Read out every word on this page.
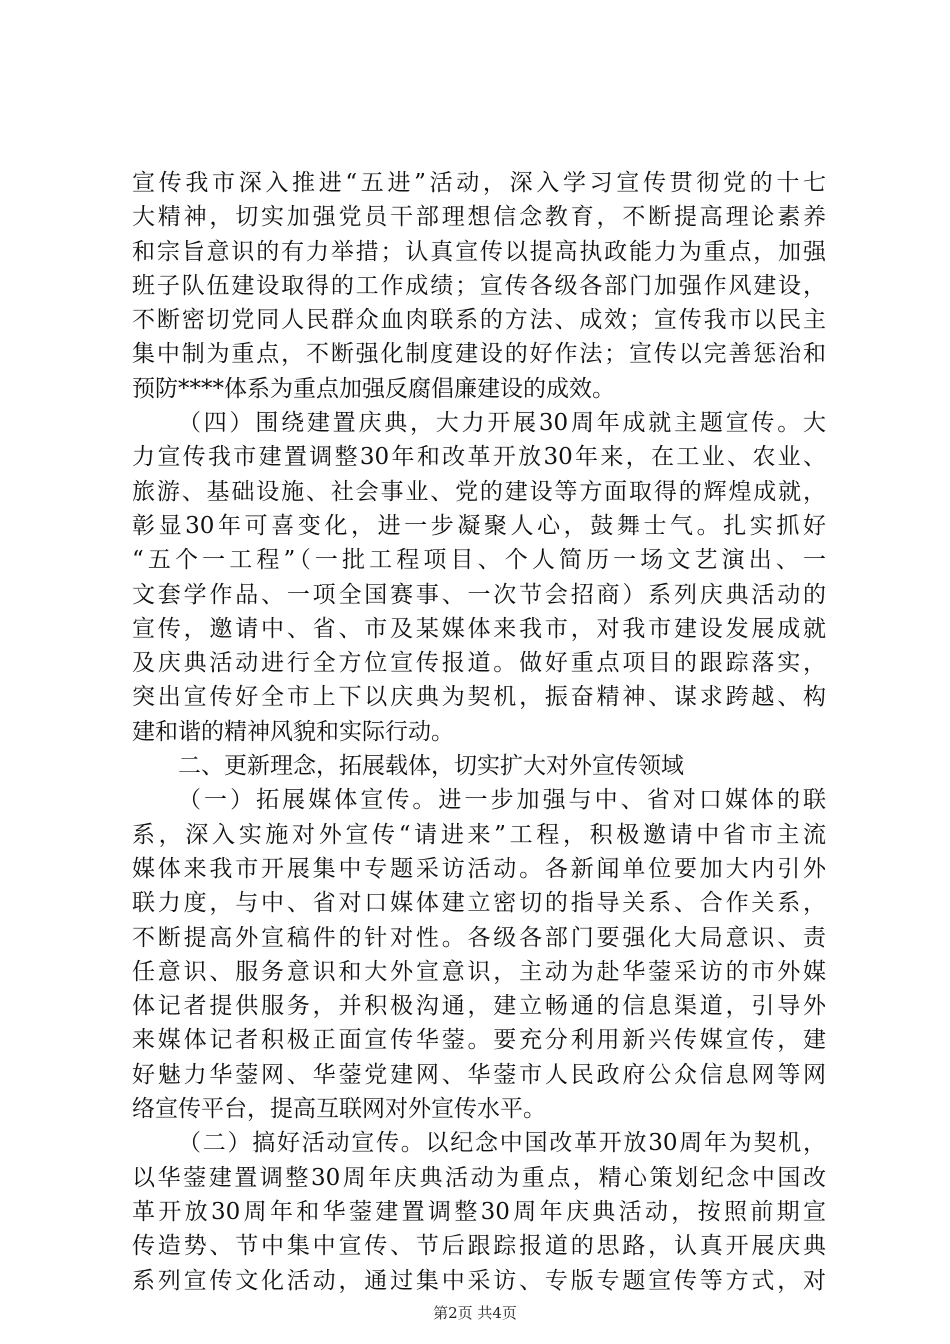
宣传我市深入推进“五进”活动，深入学习宣传贯彻党的十七
大精神，切实加强党员干部理想信念教育，不断提高理论素养
和宗旨意识的有力举措；认真宣传以提高执政能力为重点，加强
班子队伍建设取得的工作成绩；宣传各级各部门加强作风建设，
不断密切党同人民群众血肉联系的方法、成效；宣传我市以民主
集中制为重点，不断强化制度建设的好作法；宣传以完善惩治和
预防****体系为重点加强反腐倡廉建设的成效。
（四）围绕建置庆典，大力开展30周年成就主题宣传。大
力宣传我市建置调整30年和改革开放30年来，在工业、农业、
旅游、基础设施、社会事业、党的建设等方面取得的辉煌成就，
彰显30年可喜变化，进一步凝聚人心，鼓舞士气。扎实抓好
“五个一工程”（一批工程项目、个人简历一场文艺演出、一
文套学作品、一项全国赛事、一次节会招商）系列庆典活动的
宣传，邀请中、省、市及某媒体来我市，对我市建设发展成就
及庆典活动进行全方位宣传报道。做好重点项目的跟踪落实，
突出宣传好全市上下以庆典为契机，振奋精神、谋求跨越、构
建和谐的精神风貌和实际行动。
二、更新理念，拓展载体，切实扩大对外宣传领域
（一）拓展媒体宣传。进一步加强与中、省对口媒体的联
系，深入实施对外宣传“请进来”工程，积极邀请中省市主流
媒体来我市开展集中专题采访活动。各新闻单位要加大内引外
联力度，与中、省对口媒体建立密切的指导关系、合作关系，
不断提高外宣稿件的针对性。各级各部门要强化大局意识、责
任意识、服务意识和大外宣意识，主动为赴华蓥采访的市外媒
体记者提供服务，并积极沟通，建立畅通的信息渠道，引导外
来媒体记者积极正面宣传华蓥。要充分利用新兴传媒宣传，建
好魅力华蓥网、华蓥党建网、华蓥市人民政府公众信息网等网
络宣传平台，提高互联网对外宣传水平。
（二）搞好活动宣传。以纪念中国改革开放30周年为契机，
以华蓥建置调整30周年庆典活动为重点，精心策划纪念中国改
革开放30周年和华蓥建置调整30周年庆典活动，按照前期宣
传造势、节中集中宣传、节后跟踪报道的思路，认真开展庆典
系列宣传文化活动，通过集中采访、专版专题宣传等方式，对
第2页 共4页
